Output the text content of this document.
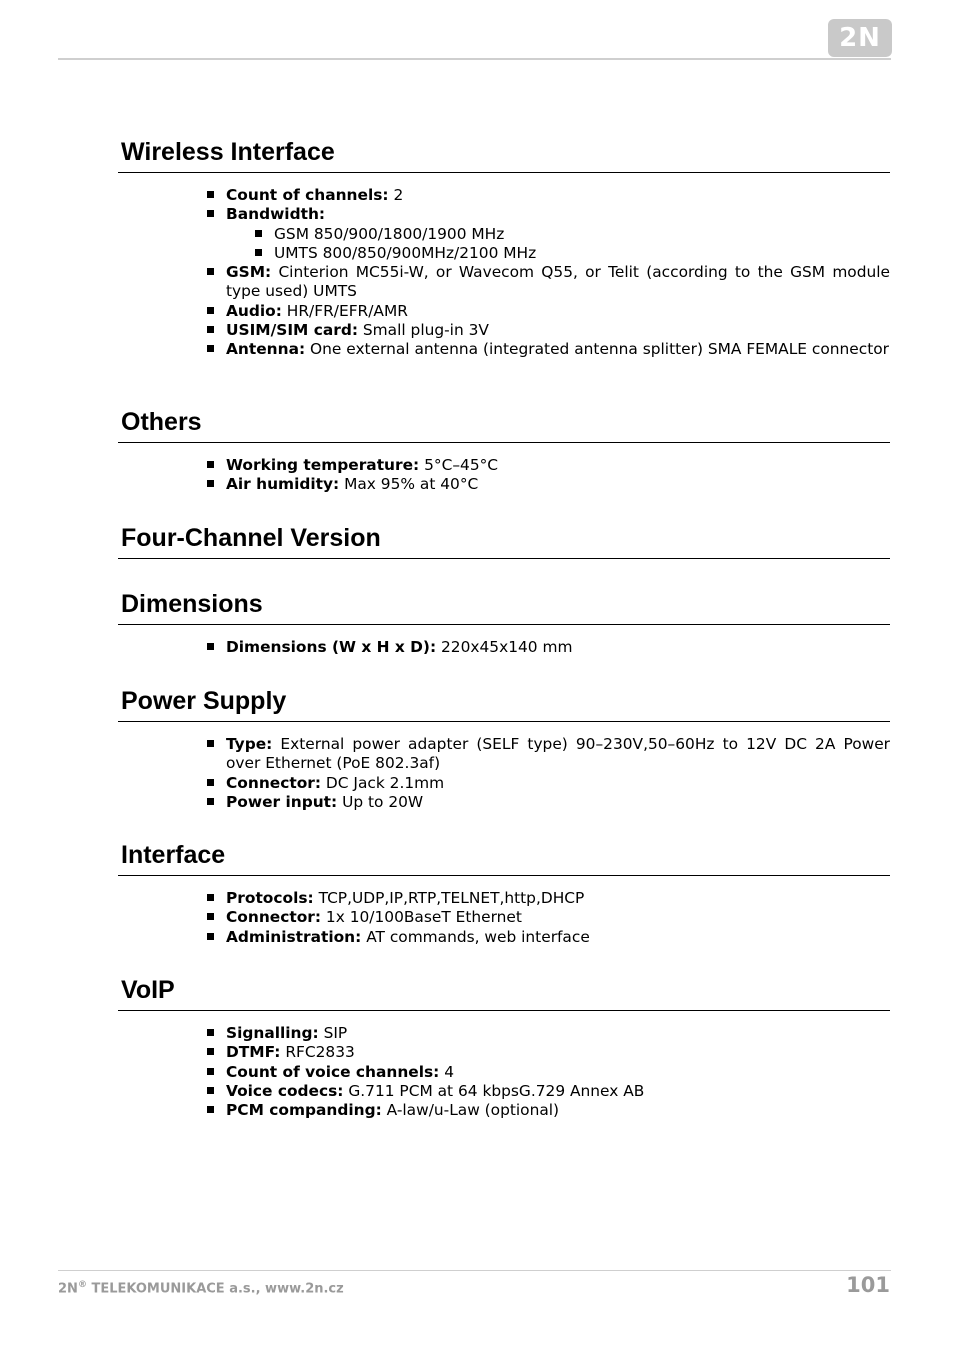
2N
Wireless Interface
Count of channels: 2
Bandwidth:
GSM 850/900/1800/1900 MHz
UMTS 800/850/900MHz/2100 MHz
GSM: Cinterion MC55i-W, or Wavecom Q55, or Telit (according to the GSM module type used) UMTS
Audio: HR/FR/EFR/AMR
USIM/SIM card: Small plug-in 3V
Antenna: One external antenna (integrated antenna splitter) SMA FEMALE connector
Others
Working temperature: 5°C–45°C
Air humidity: Max 95% at 40°C
Four-Channel Version
Dimensions
Dimensions (W x H x D): 220x45x140 mm
Power Supply
Type: External power adapter (SELF type) 90–230V,50–60Hz to 12V DC 2A Power over Ethernet (PoE 802.3af)
Connector: DC Jack 2.1mm
Power input: Up to 20W
Interface
Protocols: TCP,UDP,IP,RTP,TELNET,http,DHCP
Connector: 1x 10/100BaseT Ethernet
Administration: AT commands, web interface
VoIP
Signalling: SIP
DTMF: RFC2833
Count of voice channels: 4
Voice codecs: G.711 PCM at 64 kbpsG.729 Annex AB
PCM companding: A-law/u-Law (optional)
2N® TELEKOMUNIKACE a.s., www.2n.cz	101
